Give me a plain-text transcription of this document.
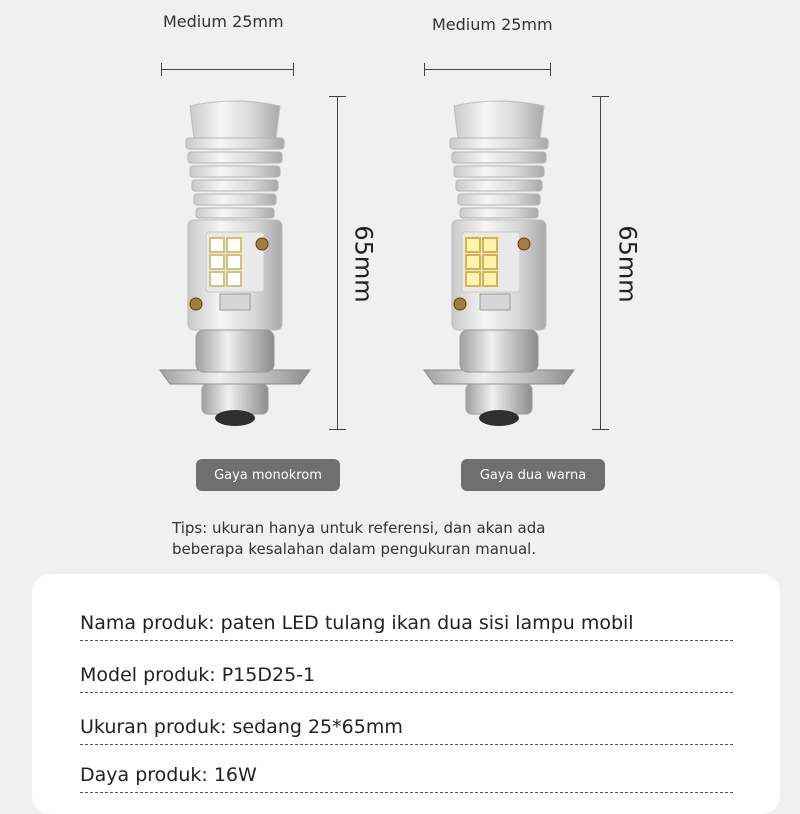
Medium 25mm	Medium 25mm
65mm	65mm
Gaya monokrom	Gaya dua warna
Tips: ukuran hanya untuk referensi, dan akan ada
beberapa kesalahan dalam pengukuran manual.
Nama produk: paten LED tulang ikan dua sisi lampu mobil
Model produk: P15D25-1
Ukuran produk: sedang 25*65mm
Daya produk: 16W
